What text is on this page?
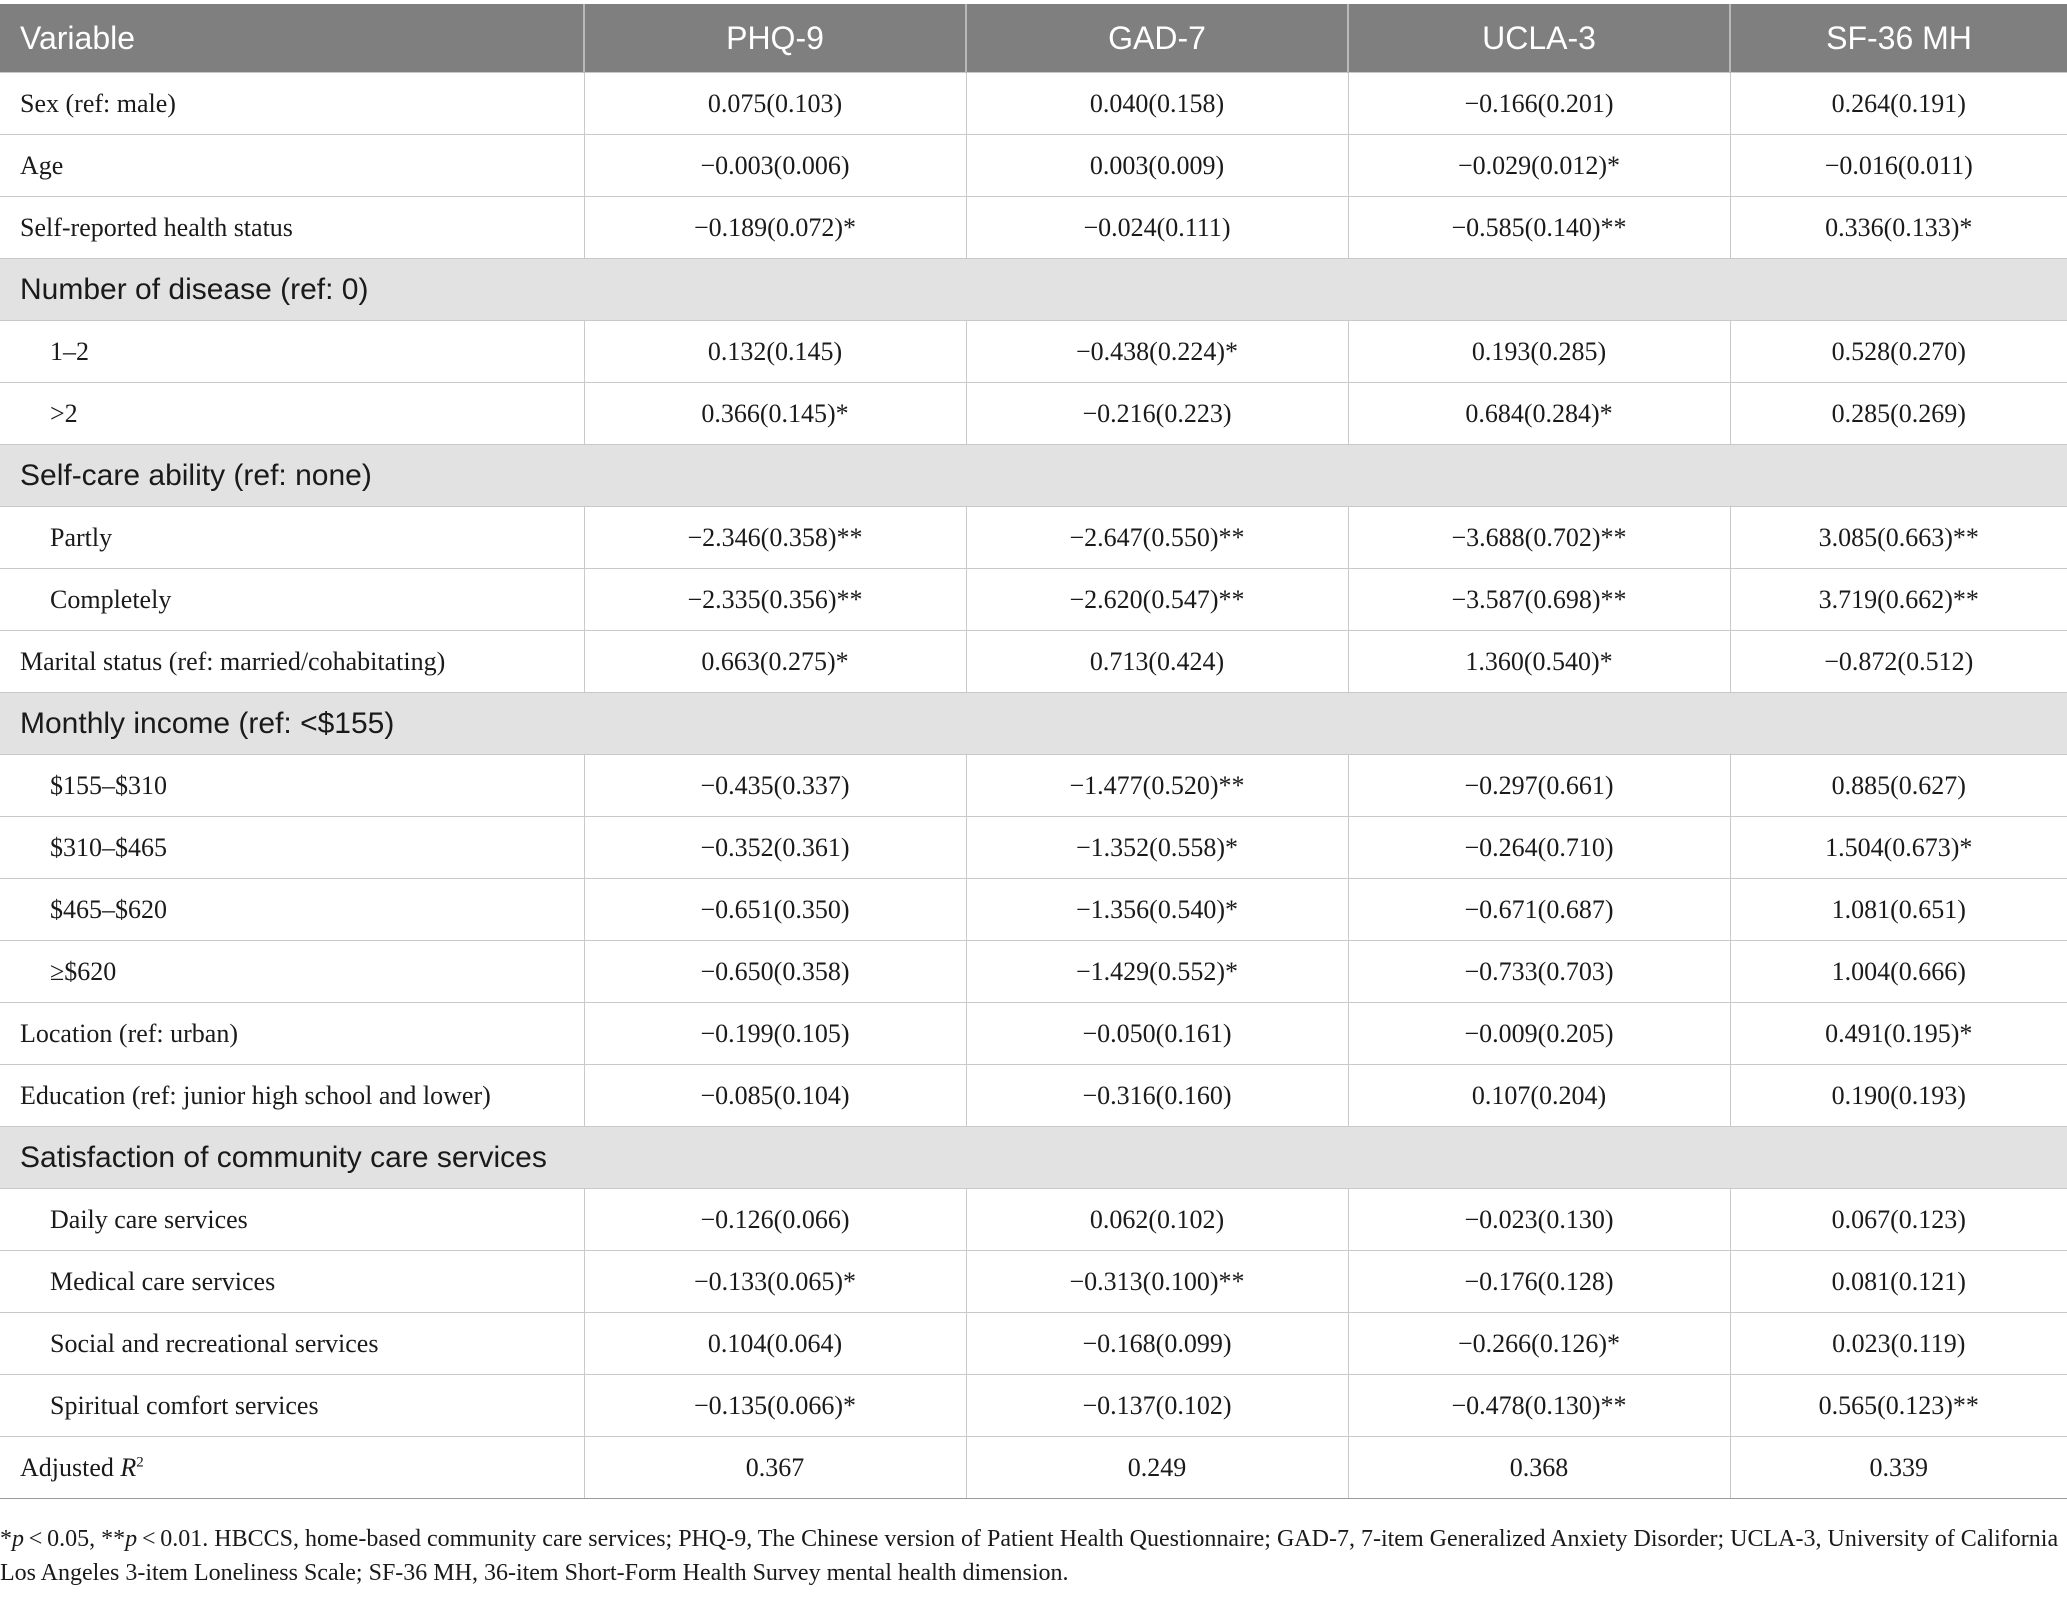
Variable	PHQ-9	GAD-7	UCLA-3	SF-36 MH
Sex (ref: male)	0.075(0.103)	0.040(0.158)	−0.166(0.201)	0.264(0.191)
Age	−0.003(0.006)	0.003(0.009)	−0.029(0.012)*	−0.016(0.011)
Self-reported health status	−0.189(0.072)*	−0.024(0.111)	−0.585(0.140)**	0.336(0.133)*
Number of disease (ref: 0)				
1–2	0.132(0.145)	−0.438(0.224)*	0.193(0.285)	0.528(0.270)
>2	0.366(0.145)*	−0.216(0.223)	0.684(0.284)*	0.285(0.269)
Self-care ability (ref: none)				
Partly	−2.346(0.358)**	−2.647(0.550)**	−3.688(0.702)**	3.085(0.663)**
Completely	−2.335(0.356)**	−2.620(0.547)**	−3.587(0.698)**	3.719(0.662)**
Marital status (ref: married/cohabitating)	0.663(0.275)*	0.713(0.424)	1.360(0.540)*	−0.872(0.512)
Monthly income (ref: <$155)				
$155–$310	−0.435(0.337)	−1.477(0.520)**	−0.297(0.661)	0.885(0.627)
$310–$465	−0.352(0.361)	−1.352(0.558)*	−0.264(0.710)	1.504(0.673)*
$465–$620	−0.651(0.350)	−1.356(0.540)*	−0.671(0.687)	1.081(0.651)
≥$620	−0.650(0.358)	−1.429(0.552)*	−0.733(0.703)	1.004(0.666)
Location (ref: urban)	−0.199(0.105)	−0.050(0.161)	−0.009(0.205)	0.491(0.195)*
Education (ref: junior high school and lower)	−0.085(0.104)	−0.316(0.160)	0.107(0.204)	0.190(0.193)
Satisfaction of community care services				
Daily care services	−0.126(0.066)	0.062(0.102)	−0.023(0.130)	0.067(0.123)
Medical care services	−0.133(0.065)*	−0.313(0.100)**	−0.176(0.128)	0.081(0.121)
Social and recreational services	0.104(0.064)	−0.168(0.099)	−0.266(0.126)*	0.023(0.119)
Spiritual comfort services	−0.135(0.066)*	−0.137(0.102)	−0.478(0.130)**	0.565(0.123)**
Adjusted $R^2$	0.367	0.249	0.368	0.339
*p < 0.05, **p < 0.01. HBCCS, home-based community care services; PHQ-9, The Chinese version of Patient Health Questionnaire; GAD-7, 7-item Generalized Anxiety Disorder; UCLA-3, University of California Los Angeles 3-item Loneliness Scale; SF-36 MH, 36-item Short-Form Health Survey mental health dimension.
